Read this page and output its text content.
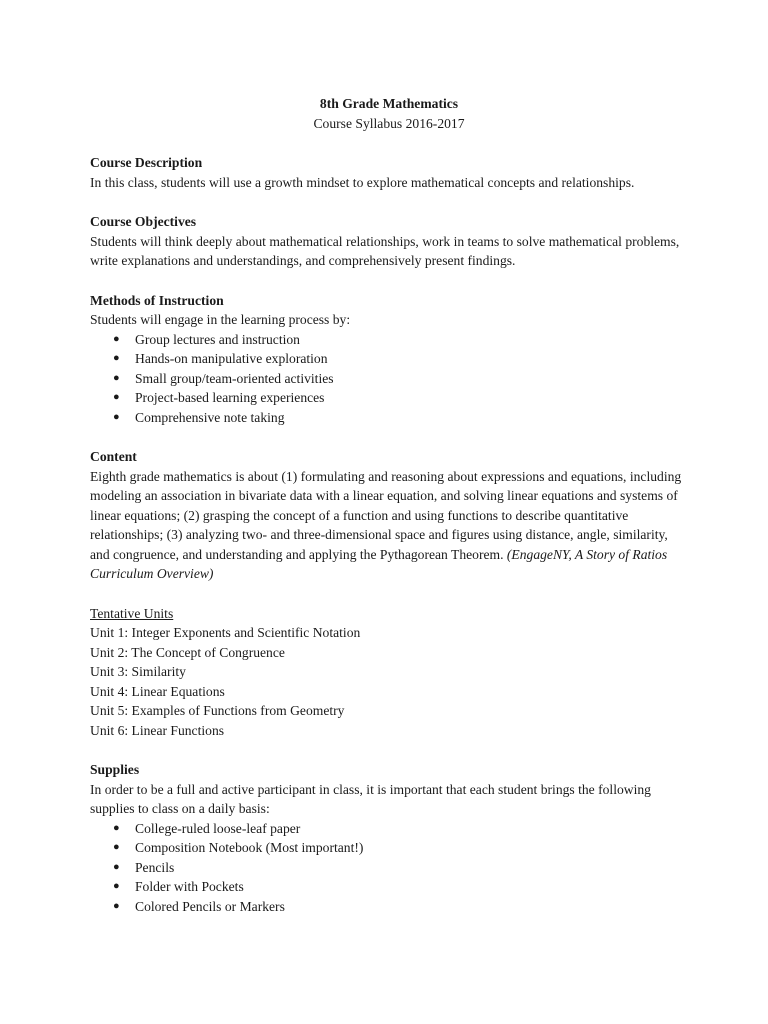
8th Grade Mathematics

Course Syllabus 2016-2017

Course Description

In this class, students will use a growth mindset to explore mathematical concepts and relationships.

Course Objectives

Students will think deeply about mathematical relationships, work in teams to solve mathematical problems, write explanations and understandings, and comprehensively present findings.

Methods of Instruction

Students will engage in the learning process by:

● Group lectures and instruction
● Hands-on manipulative exploration
● Small group/team-oriented activities
● Project-based learning experiences
● Comprehensive note taking

Content

Eighth grade mathematics is about (1) formulating and reasoning about expressions and equations, including modeling an association in bivariate data with a linear equation, and solving linear equations and systems of linear equations; (2) grasping the concept of a function and using functions to describe quantitative relationships; (3) analyzing two- and three-dimensional space and figures using distance, angle, similarity, and congruence, and understanding and applying the Pythagorean Theorem. (EngageNY, A Story of Ratios Curriculum Overview)

Tentative Units

Unit 1: Integer Exponents and Scientific Notation
Unit 2: The Concept of Congruence
Unit 3: Similarity
Unit 4: Linear Equations
Unit 5: Examples of Functions from Geometry
Unit 6: Linear Functions

Supplies

In order to be a full and active participant in class, it is important that each student brings the following supplies to class on a daily basis:

● College-ruled loose-leaf paper
● Composition Notebook (Most important!)
● Pencils
● Folder with Pockets
● Colored Pencils or Markers
